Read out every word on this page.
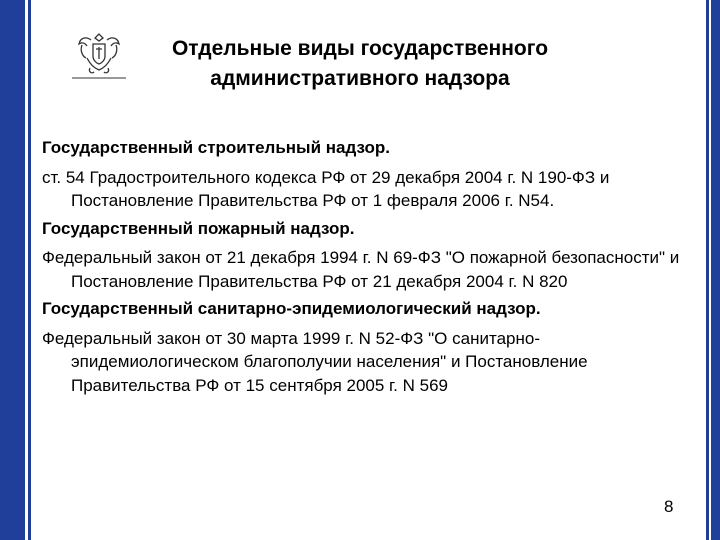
Отдельные виды государственного административного надзора

Государственный строительный надзор.

ст. 54 Градостроительного кодекса РФ от 29 декабря 2004 г. N 190-ФЗ и Постановление Правительства РФ от 1 февраля 2006 г. N54.

Государственный пожарный надзор.

Федеральный закон от 21 декабря 1994 г. N 69-ФЗ "О пожарной безопасности" и Постановление Правительства РФ от 21 декабря 2004 г. N 820

Государственный санитарно-эпидемиологический надзор.

Федеральный закон от 30 марта 1999 г. N 52-ФЗ "О санитарно-эпидемиологическом благополучии населения" и Постановление Правительства РФ от 15 сентября 2005 г. N 569

8
